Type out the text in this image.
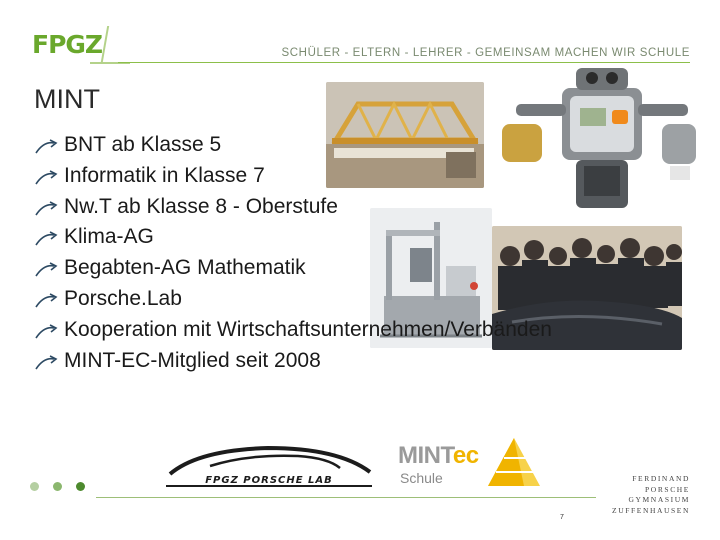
FPGZ	SCHÜLER - ELTERN - LEHRER - GEMEINSAM MACHEN WIR SCHULE
MINT
BNT ab Klasse 5
Informatik in Klasse 7
Nw.T ab Klasse 8 - Oberstufe
Klima-AG
Begabten-AG Mathematik
Porsche.Lab
Kooperation mit Wirtschaftsunternehmen/Verbänden
MINT-EC-Mitglied seit 2008
FPGZ PORSCHE LAB
MINTec
Schule
7
FERDINAND
PORSCHE
GYMNASIUM
ZUFFENHAUSEN
